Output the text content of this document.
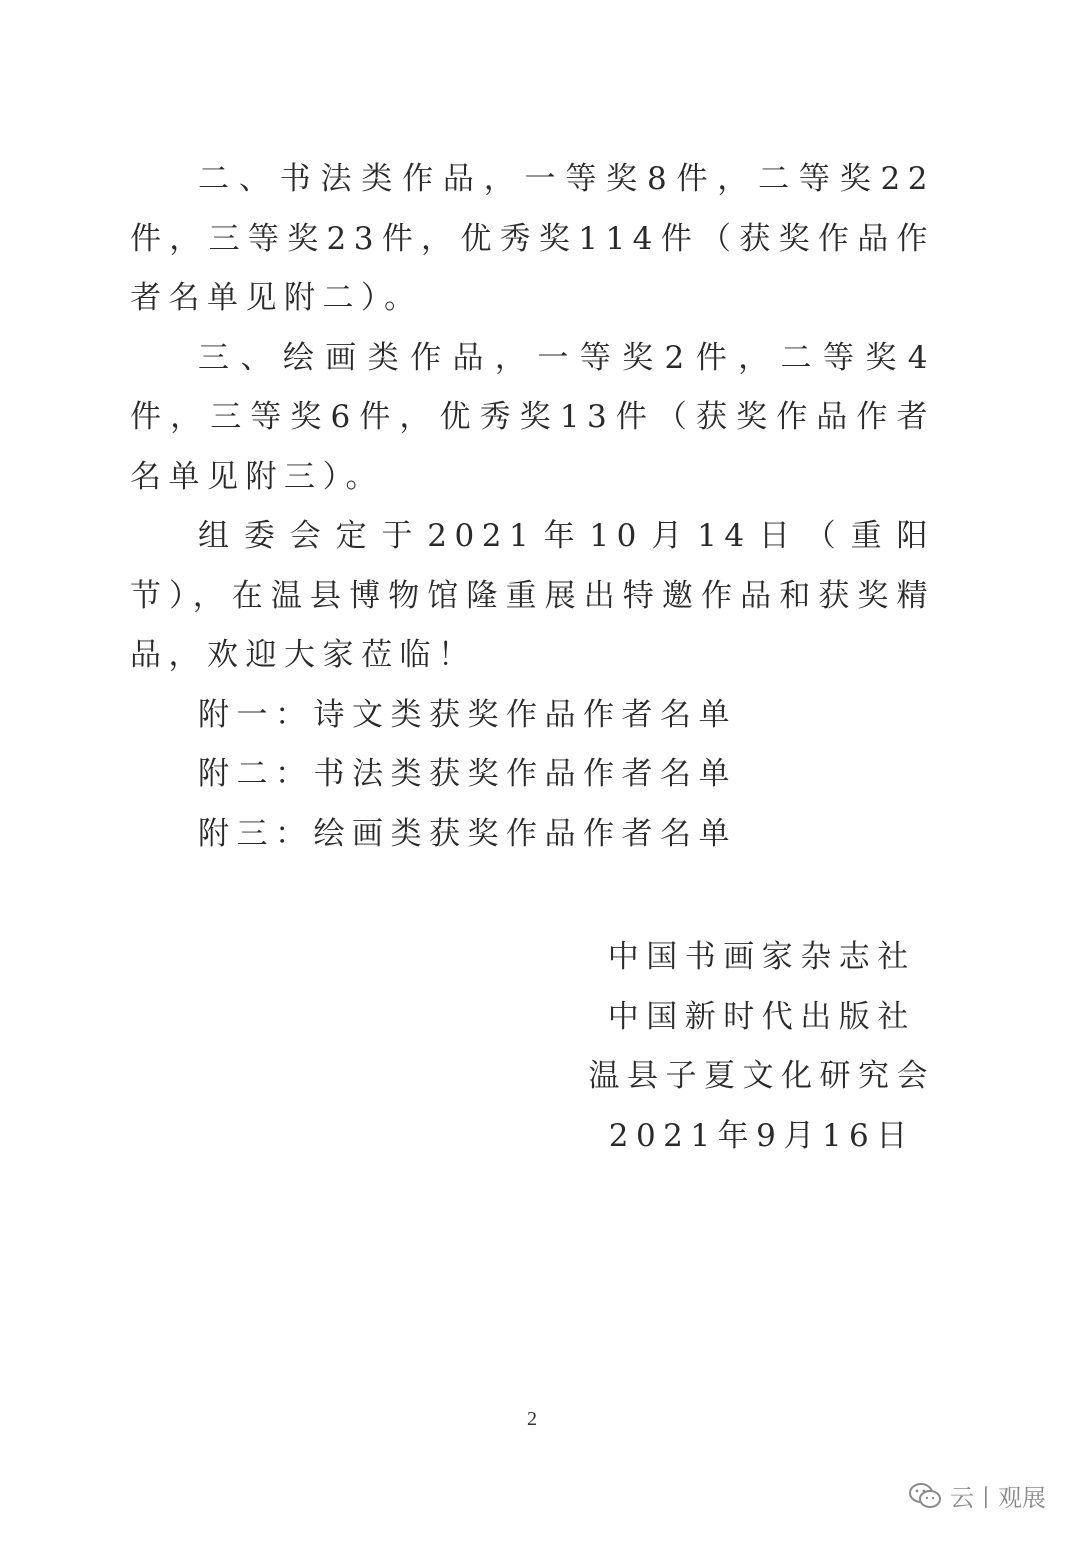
二、书法类作品，一等奖8件，二等奖22件，三等奖23件，优秀奖114件（获奖作品作者名单见附二）。

三、绘画类作品，一等奖2件，二等奖4件，三等奖6件，优秀奖13件（获奖作品作者名单见附三）。

组委会定于2021年10月14日（重阳节），在温县博物馆隆重展出特邀作品和获奖精品，欢迎大家莅临！

附一：诗文类获奖作品作者名单
附二：书法类获奖作品作者名单
附三：绘画类获奖作品作者名单
中国书画家杂志社
中国新时代出版社
温县子夏文化研究会
2021年9月16日
2
云丨观展
